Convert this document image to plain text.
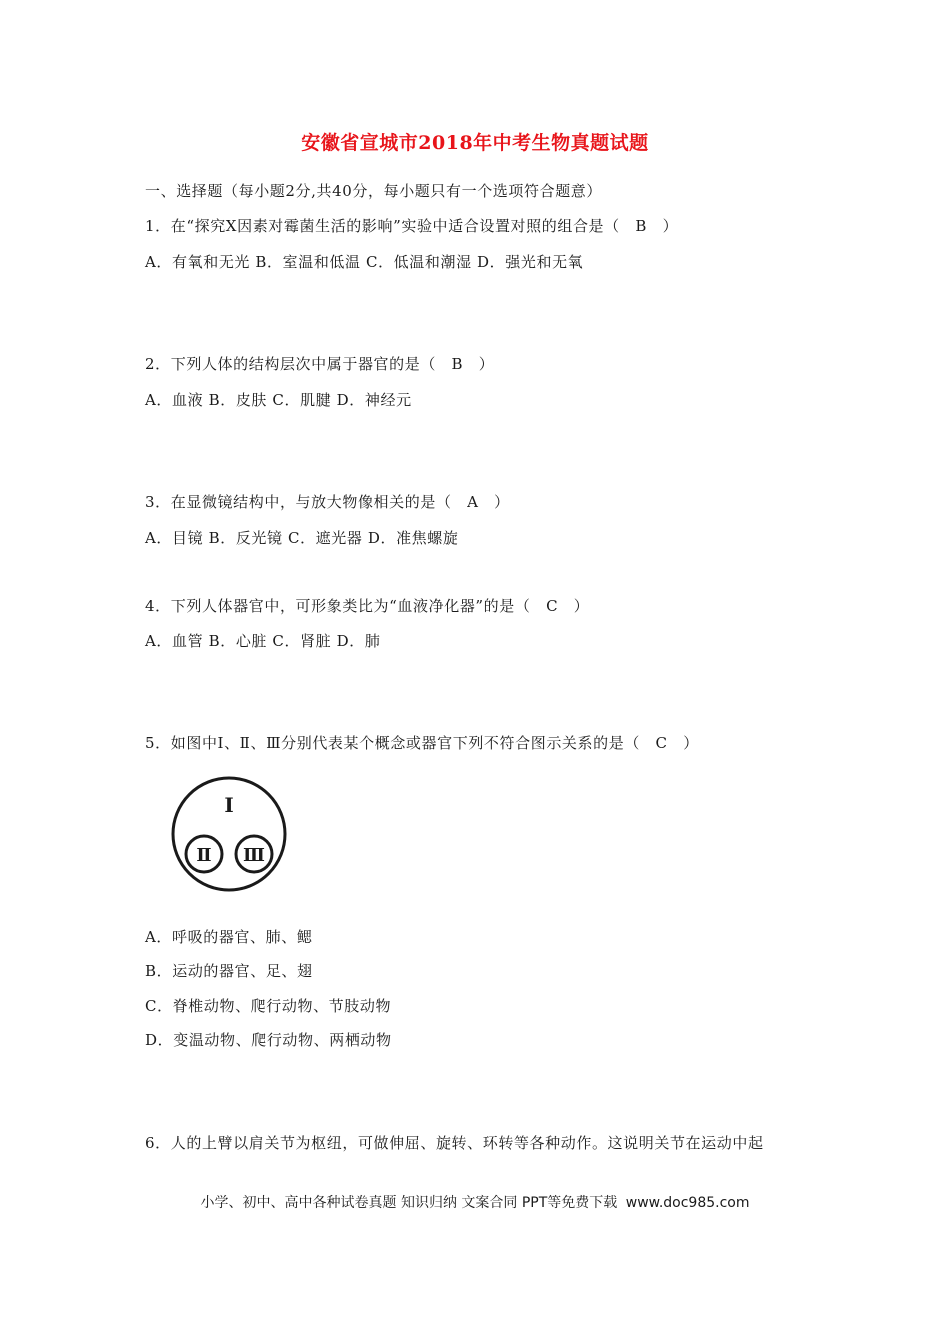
安徽省宣城市2018年中考生物真题试题
一、选择题（每小题2分,共40分，每小题只有一个选项符合题意）
1．在“探究X因素对霉菌生活的影响”实验中适合设置对照的组合是（　B　）
A．有氧和无光 B．室温和低温 C．低温和潮湿 D．强光和无氧
2．下列人体的结构层次中属于器官的是（　B　）
A．血液 B．皮肤 C．肌腱 D．神经元
3．在显微镜结构中，与放大物像相关的是（　A　）
A．目镜 B．反光镜 C．遮光器 D．准焦螺旋
4．下列人体器官中，可形象类比为“血液净化器”的是（　C　）
A．血管 B．心脏 C．肾脏 D．肺
5．如图中Ⅰ、Ⅱ、Ⅲ分别代表某个概念或器官下列不符合图示关系的是（　C　）
Ⅰ
Ⅱ Ⅲ
A．呼吸的器官、肺、鳃
B．运动的器官、足、翅
C．脊椎动物、爬行动物、节肢动物
D．变温动物、爬行动物、两栖动物
6．人的上臂以肩关节为枢纽，可做伸屈、旋转、环转等各种动作。这说明关节在运动中起
小学、初中、高中各种试卷真题 知识归纳 文案合同 PPT等免费下载 www.doc985.com
